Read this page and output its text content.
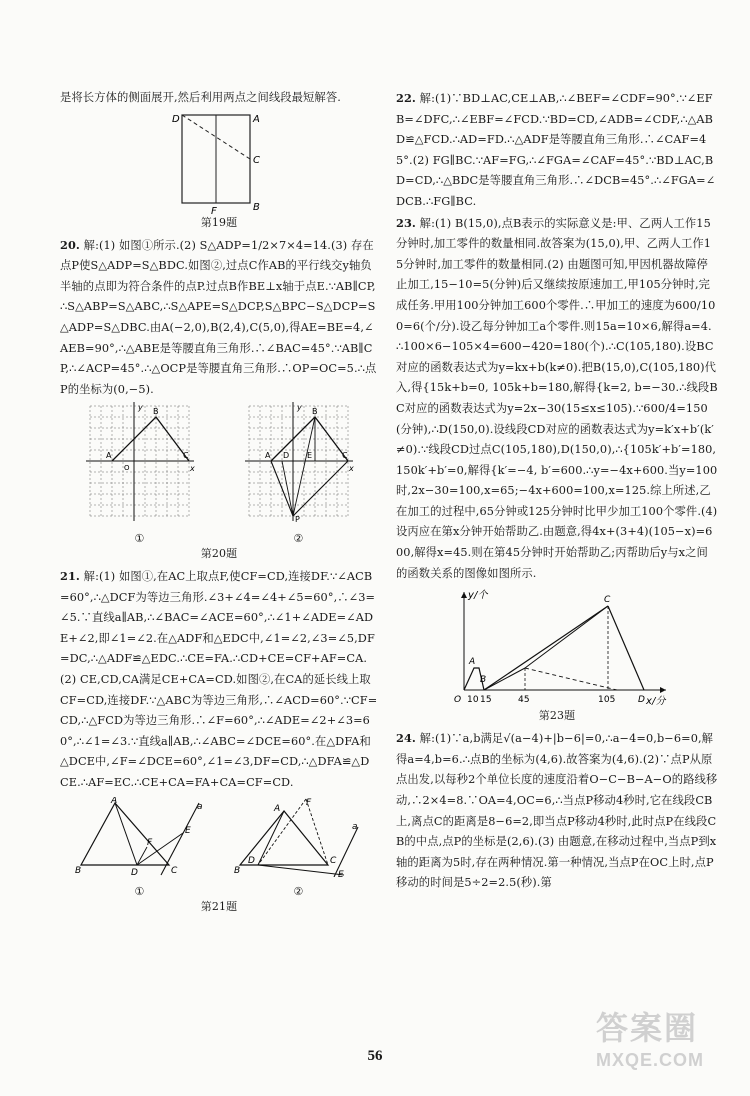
是将长方体的侧面展开,然后利用两点之间线段最短解答.

D	A
C
F	B
第19题

20. 解:(1) 如图①所示.(2) S△ADP=1/2×7×4=14.(3) 存在点P使S△ADP=S△BDC.如图②,过点C作AB的平行线交y轴负半轴的点即为符合条件的点P.过点B作BE⊥x轴于点E.∵AB∥CP,∴S△ABP=S△ABC,∴S△APE=S△DCP,S△BPC−S△DCP=S△ADP=S△DBC.由A(−2,0),B(2,4),C(5,0),得AE=BE=4,∠AEB=90°,∴△ABE是等腰直角三角形.∴∠BAC=45°.∵AB∥CP,∴∠ACP=45°.∴△OCP是等腰直角三角形.∴OP=OC=5.∴点P的坐标为(0,−5).

y
x
B
A	C
O
①
y
x
B
A	C
E
D
P
②
第20题

21. 解:(1) 如图①,在AC上取点F,使CF=CD,连接DF.∵∠ACB=60°,∴△DCF为等边三角形.∠3+∠4=∠4+∠5=60°,∴∠3=∠5.∵直线a∥AB,∴∠BAC=∠ACE=60°,∴∠1+∠ADE=∠ADE+∠2,即∠1=∠2.在△ADF和△EDC中,∠1=∠2,∠3=∠5,DF=DC,∴△ADF≌△EDC.∴CE=FA.∴CD+CE=CF+AF=CA.(2) CE,CD,CA满足CE+CA=CD.如图②,在CA的延长线上取CF=CD,连接DF.∵△ABC为等边三角形,∴∠ACD=60°.∵CF=CD,∴△FCD为等边三角形.∴∠F=60°,∴∠ADE=∠2+∠3=60°,∴∠1=∠3.∵直线a∥AB,∴∠ABC=∠DCE=60°.在△DFA和△DCE中,∠F=∠DCE=60°,∠1=∠3,DF=CD,∴△DFA≌△DCE.∴AF=EC.∴CE+CA=FA+CA=CF=CD.

A
B	C
D
E
F
a
①
F
A
B
D	C
E
a
②
第21题

22. 解:(1)∵BD⊥AC,CE⊥AB,∴∠BEF=∠CDF=90°.∵∠EFB=∠DFC,∴∠EBF=∠FCD.∵BD=CD,∠ADB=∠CDF,∴△ABD≌△FCD.∴AD=FD.∴△ADF是等腰直角三角形.∴∠CAF=45°.(2) FG∥BC.∵AF=FG,∴∠FGA=∠CAF=45°.∵BD⊥AC,BD=CD,∴△BDC是等腰直角三角形.∴∠DCB=45°.∴∠FGA=∠DCB.∴FG∥BC.

23. 解:(1) B(15,0),点B表示的实际意义是:甲、乙两人工作15分钟时,加工零件的数量相同.故答案为(15,0),甲、乙两人工作15分钟时,加工零件的数量相同.(2) 由题图可知,甲因机器故障停止加工,15−10=5(分钟)后又继续按原速加工,甲105分钟时,完成任务.甲用100分钟加工600个零件.∴甲加工的速度为600/100=6(个/分).设乙每分钟加工a个零件.则15a=10×6,解得a=4.∴100×6−105×4=600−420=180(个).∴C(105,180).设BC对应的函数表达式为y=kx+b(k≠0).把B(15,0),C(105,180)代入,得{15k+b=0, 105k+b=180,解得{k=2, b=−30.∴线段BC对应的函数表达式为y=2x−30(15≤x≤105).∵600/4=150(分钟),∴D(150,0).设线段CD对应的函数表达式为y=k′x+b′(k′≠0).∵线段CD过点C(105,180),D(150,0),∴{105k′+b′=180, 150k′+b′=0,解得{k′=−4, b′=600.∴y=−4x+600.当y=100时,2x−30=100,x=65;−4x+600=100,x=125.综上所述,乙在加工的过程中,65分钟或125分钟时比甲少加工100个零件.(4) 设丙应在第x分钟开始帮助乙.由题意,得4x+(3+4)(105−x)=600,解得x=45.则在第45分钟时开始帮助乙;丙帮助后y与x之间的函数关系的图像如图所示.

y/个
x/分
O 10 15	45	105	D
A
B
C
第23题

24. 解:(1)∵a,b满足√(a−4)+|b−6|=0,∴a−4=0,b−6=0,解得a=4,b=6.∴点B的坐标为(4,6).故答案为(4,6).(2)∵点P从原点出发,以每秒2个单位长度的速度沿着O−C−B−A−O的路线移动,∴2×4=8.∵OA=4,OC=6,∴当点P移动4秒时,它在线段CB上,离点C的距离是8−6=2,即当点P移动4秒时,此时点P在线段CB的中点,点P的坐标是(2,6).(3) 由题意,在移动过程中,当点P到x轴的距离为5时,存在两种情况.第一种情况,当点P在OC上时,点P移动的时间是5÷2=2.5(秒).第

56
答案圈
MXQE.COM
